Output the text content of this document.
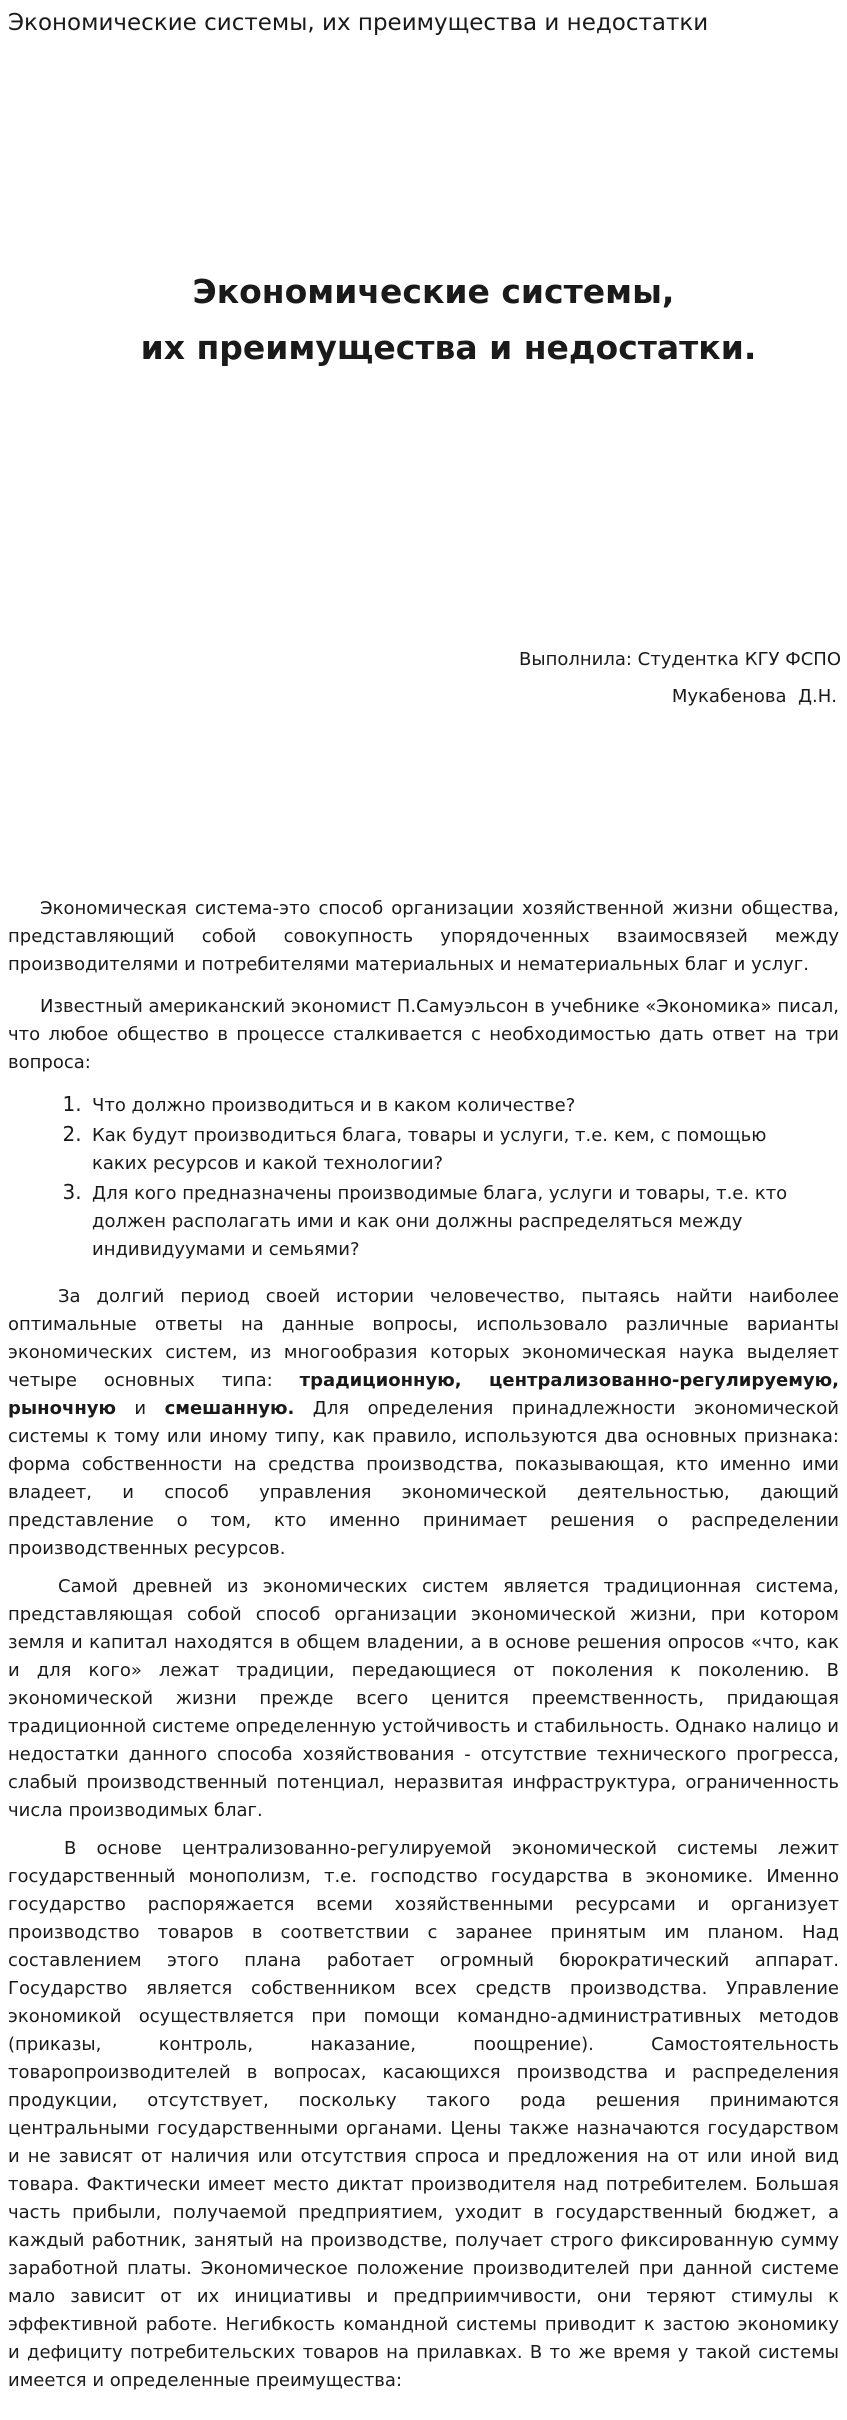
Экономические системы, их преимущества и недостатки
Экономические системы,
их преимущества и недостатки.
Выполнила: Студентка КГУ ФСПО
Мукабенова  Д.Н.

Экономическая система-это способ организации хозяйственной жизни общества, представляющий собой совокупность упорядоченных взаимосвязей между производителями и потребителями материальных и нематериальных благ и услуг.

Известный американский экономист П.Самуэльсон в учебнике «Экономика» писал, что любое общество в процессе сталкивается с необходимостью дать ответ на три вопроса:

1. Что должно производиться и в каком количестве?
2. Как будут производиться блага, товары и услуги, т.е. кем, с помощью каких ресурсов и какой технологии?
3. Для кого предназначены производимые блага, услуги и товары, т.е. кто должен располагать ими и как они должны распределяться между индивидуумами и семьями?

За долгий период своей истории человечество, пытаясь найти наиболее оптимальные ответы на данные вопросы, использовало различные варианты экономических систем, из многообразия которых экономическая наука выделяет четыре основных типа: традиционную, централизованно-регулируемую, рыночную и смешанную. Для определения принадлежности экономической системы к тому или иному типу, как правило, используются два основных признака: форма собственности на средства производства, показывающая, кто именно ими владеет, и способ управления экономической деятельностью, дающий представление о том, кто именно принимает решения о распределении производственных ресурсов.

Самой древней из экономических систем является традиционная система, представляющая собой способ организации экономической жизни, при котором земля и капитал находятся в общем владении, а в основе решения опросов «что, как и для кого» лежат традиции, передающиеся от поколения к поколению. В экономической жизни прежде всего ценится преемственность, придающая традиционной системе определенную устойчивость и стабильность. Однако налицо и недостатки данного способа хозяйствования - отсутствие технического прогресса, слабый производственный потенциал, неразвитая инфраструктура, ограниченность числа производимых благ.

В основе централизованно-регулируемой экономической системы лежит государственный монополизм, т.е. господство государства в экономике. Именно государство распоряжается всеми хозяйственными ресурсами и организует производство товаров в соответствии с заранее принятым им планом. Над составлением этого плана работает огромный бюрократический аппарат. Государство является собственником всех средств производства. Управление экономикой осуществляется при помощи командно-административных методов (приказы, контроль, наказание, поощрение). Самостоятельность товаропроизводителей в вопросах, касающихся производства и распределения продукции, отсутствует, поскольку такого рода решения принимаются центральными государственными органами. Цены также назначаются государством и не зависят от наличия или отсутствия спроса и предложения на от или иной вид товара. Фактически имеет место диктат производителя над потребителем. Большая часть прибыли, получаемой предприятием, уходит в государственный бюджет, а каждый работник, занятый на производстве, получает строго фиксированную сумму заработной платы. Экономическое положение производителей при данной системе мало зависит от их инициативы и предприимчивости, они теряют стимулы к эффективной работе. Негибкость командной системы приводит к застою экономику и дефициту потребительских товаров на прилавках. В то же время у такой системы имеется и определенные преимущества:
